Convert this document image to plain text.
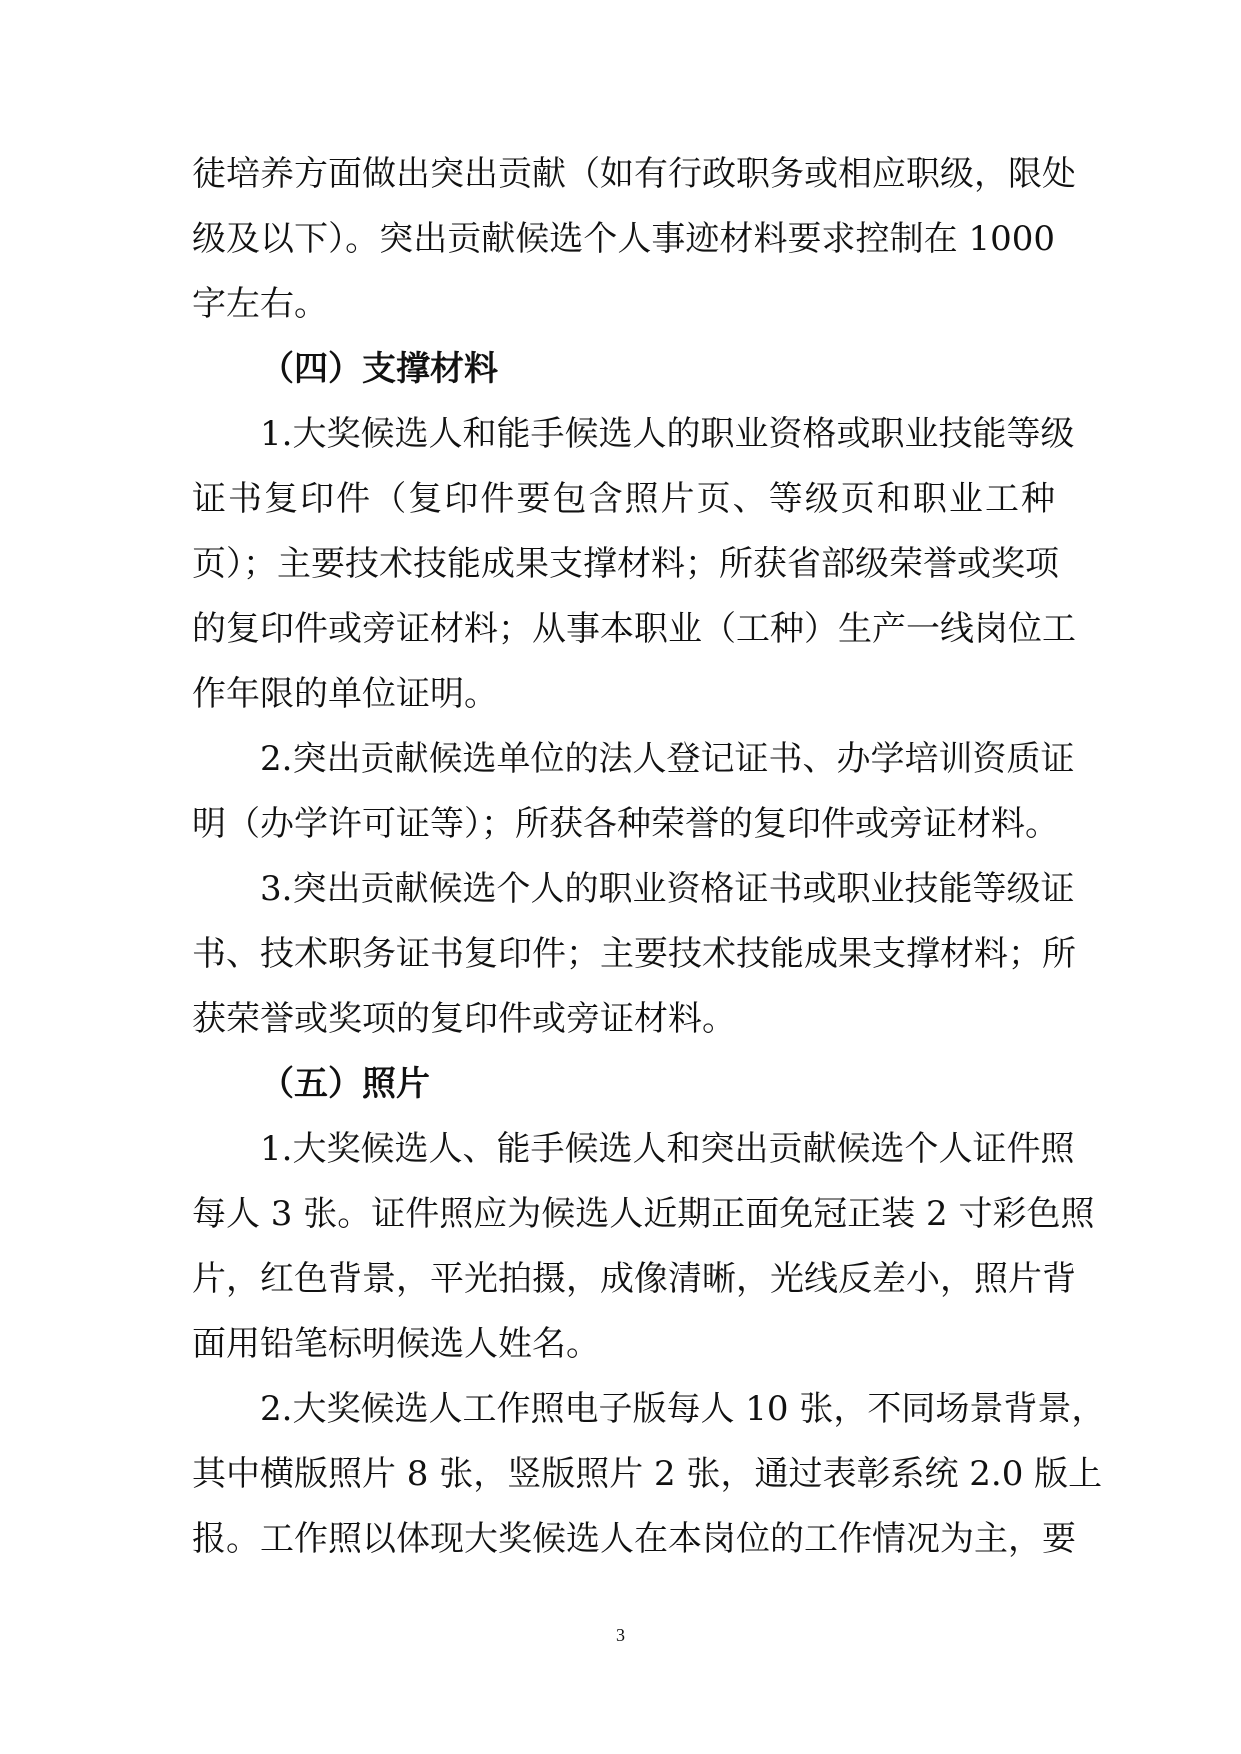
徒培养方面做出突出贡献（如有行政职务或相应职级，限处
级及以下）。突出贡献候选个人事迹材料要求控制在 1000
字左右。
（四）支撑材料
1.大奖候选人和能手候选人的职业资格或职业技能等级
证书复印件（复印件要包含照片页、等级页和职业工种
页）；主要技术技能成果支撑材料；所获省部级荣誉或奖项
的复印件或旁证材料；从事本职业（工种）生产一线岗位工
作年限的单位证明。
2.突出贡献候选单位的法人登记证书、办学培训资质证
明（办学许可证等）；所获各种荣誉的复印件或旁证材料。
3.突出贡献候选个人的职业资格证书或职业技能等级证
书、技术职务证书复印件；主要技术技能成果支撑材料；所
获荣誉或奖项的复印件或旁证材料。
（五）照片
1.大奖候选人、能手候选人和突出贡献候选个人证件照
每人 3 张。证件照应为候选人近期正面免冠正装 2 寸彩色照
片，红色背景，平光拍摄，成像清晰，光线反差小，照片背
面用铅笔标明候选人姓名。
2.大奖候选人工作照电子版每人 10 张，不同场景背景，
其中横版照片 8 张，竖版照片 2 张，通过表彰系统 2.0 版上
报。工作照以体现大奖候选人在本岗位的工作情况为主，要
3
